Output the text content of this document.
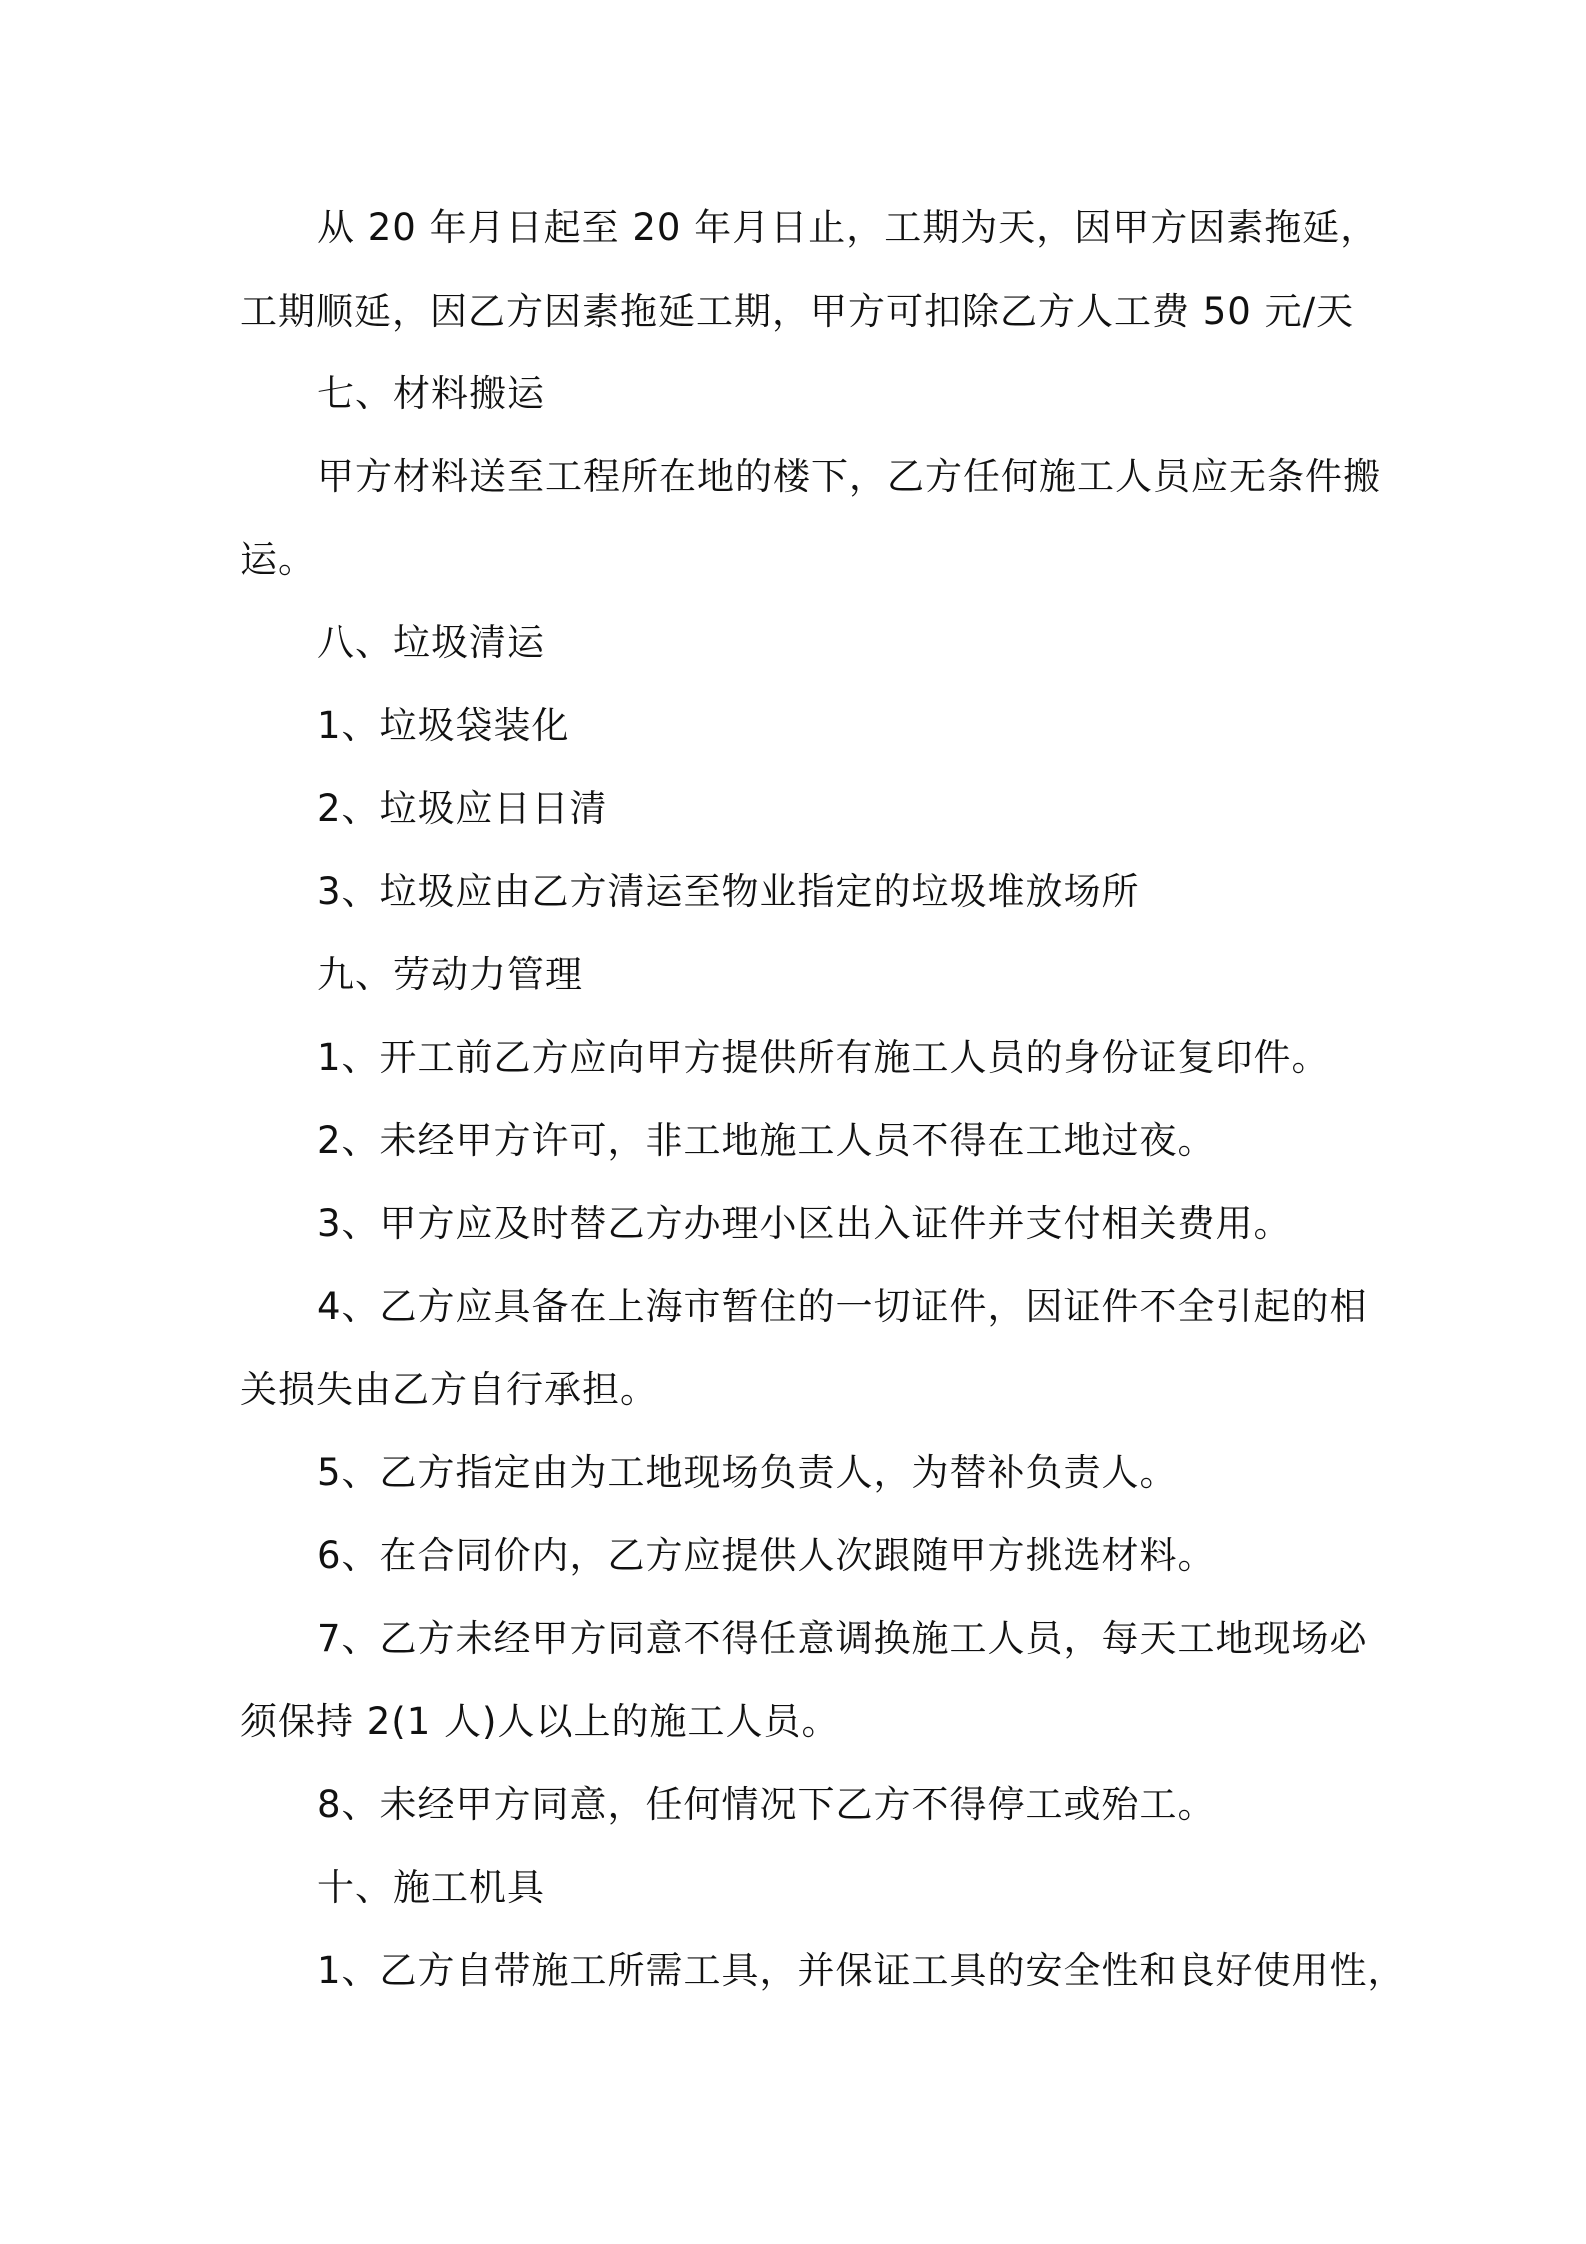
从 20 年月日起至 20 年月日止，工期为天，因甲方因素拖延，
工期顺延，因乙方因素拖延工期，甲方可扣除乙方人工费 50 元/天
七、材料搬运
甲方材料送至工程所在地的楼下，乙方任何施工人员应无条件搬
运。
八、垃圾清运
1、垃圾袋装化
2、垃圾应日日清
3、垃圾应由乙方清运至物业指定的垃圾堆放场所
九、劳动力管理
1、开工前乙方应向甲方提供所有施工人员的身份证复印件。
2、未经甲方许可，非工地施工人员不得在工地过夜。
3、甲方应及时替乙方办理小区出入证件并支付相关费用。
4、乙方应具备在上海市暂住的一切证件，因证件不全引起的相
关损失由乙方自行承担。
5、乙方指定由为工地现场负责人，为替补负责人。
6、在合同价内，乙方应提供人次跟随甲方挑选材料。
7、乙方未经甲方同意不得任意调换施工人员，每天工地现场必
须保持 2(1 人)人以上的施工人员。
8、未经甲方同意，任何情况下乙方不得停工或殆工。
十、施工机具
1、乙方自带施工所需工具，并保证工具的安全性和良好使用性，
